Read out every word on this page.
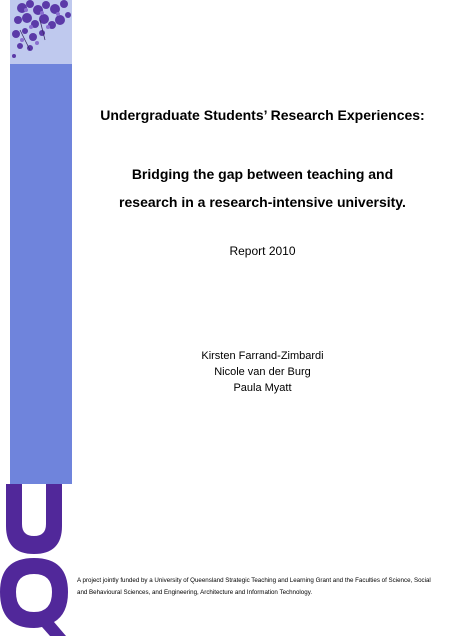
Undergraduate Students’ Research Experiences:
Bridging the gap between teaching and
research in a research-intensive university.
Report 2010
Kirsten Farrand-Zimbardi
Nicole van der Burg
Paula Myatt
A project jointly funded by a University of Queensland Strategic Teaching and Learning Grant and the Faculties of Science, Social and Behavioural Sciences, and Engineering, Architecture and Information Technology.
